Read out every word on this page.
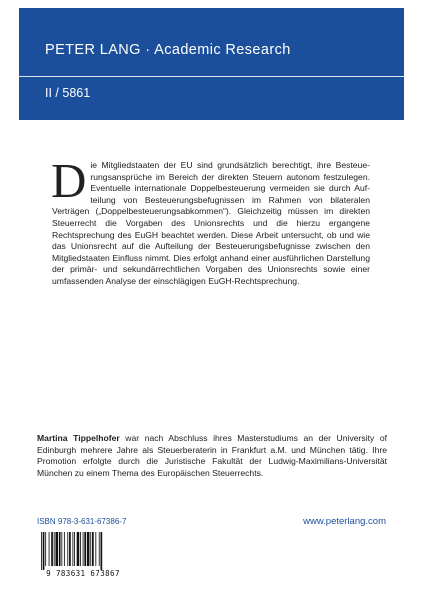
PETER LANG · Academic Research
II / 5861
Die Mitgliedstaaten der EU sind grundsätzlich berechtigt, ihre Besteuerungsansprüche im Bereich der direkten Steuern autonom festzulegen. Eventuelle internationale Doppelbesteuerung vermeiden sie durch Aufteilung von Besteuerungsbefugnissen im Rahmen von bilateralen Verträgen („Doppelbesteuerungsabkommen“). Gleichzeitig müssen im direkten Steuerrecht die Vorgaben des Unionsrechts und die hierzu ergangene Rechtsprechung des EuGH beachtet werden. Diese Arbeit untersucht, ob und wie das Unionsrecht auf die Aufteilung der Besteuerungsbefugnisse zwischen den Mitgliedstaaten Einfluss nimmt. Dies erfolgt anhand einer ausführlichen Darstellung der primär- und sekundärrechtlichen Vorgaben des Unionsrechts sowie einer umfassenden Analyse der einschlägigen EuGH-Rechtsprechung.
Martina Tippelhofer war nach Abschluss ihres Masterstudiums an der University of Edinburgh mehrere Jahre als Steuerberaterin in Frankfurt a.M. und München tätig. Ihre Promotion erfolgte durch die Juristische Fakultät der Ludwig-Maximilians-Universität München zu einem Thema des Europäischen Steuerrechts.
ISBN 978-3-631-67386-7	www.peterlang.com
9 783631 673867
